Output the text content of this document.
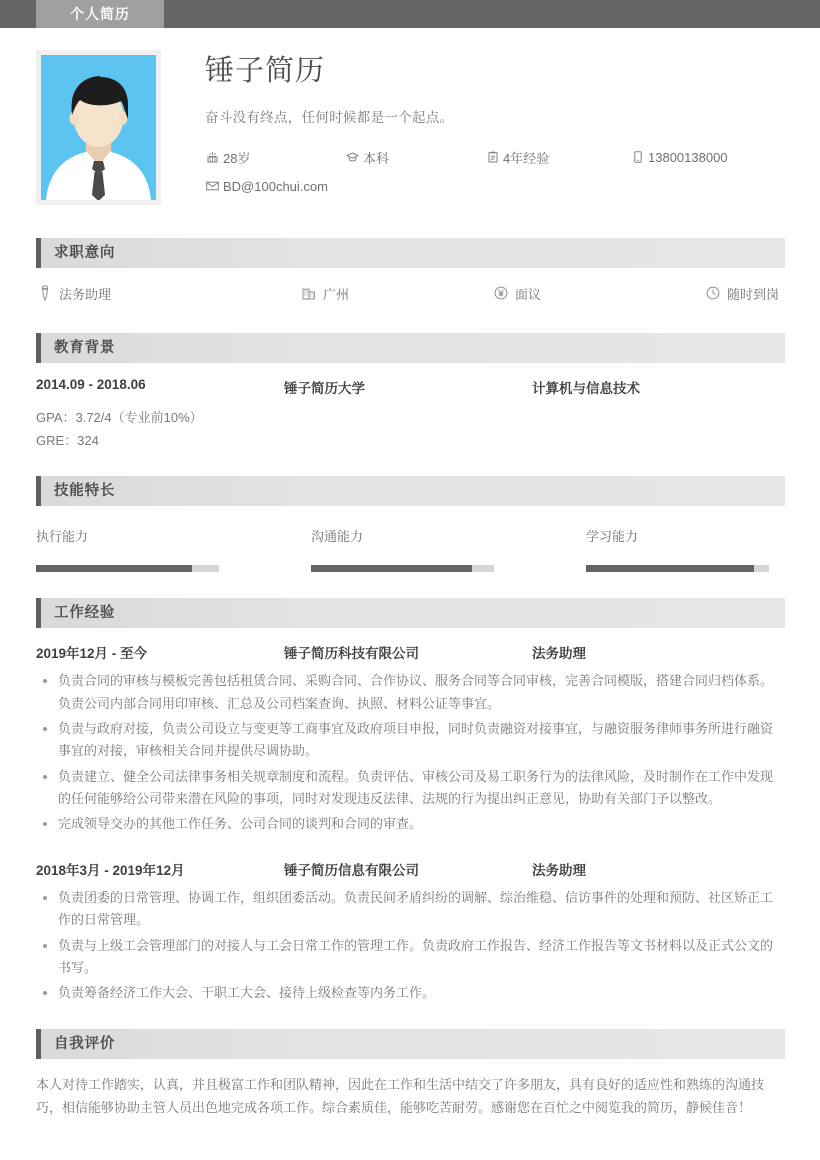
个人简历
锤子简历
奋斗没有终点，任何时候都是一个起点。
28岁	本科	4年经验	13800138000
BD@100chui.com
求职意向
法务助理	广州	面议	随时到岗
教育背景
2014.09 - 2018.06	锤子简历大学	计算机与信息技术
GPA：3.72/4（专业前10%）
GRE：324
技能特长
执行能力	沟通能力	学习能力
工作经验
2019年12月 - 至今	锤子简历科技有限公司	法务助理
负责合同的审核与模板完善包括租赁合同、采购合同、合作协议、服务合同等合同审核，完善合同模版，搭建合同归档体系。负责公司内部合同用印审核、汇总及公司档案查询、执照、材料公证等事宜。
负责与政府对接，负责公司设立与变更等工商事宜及政府项目申报，同时负责融资对接事宜，与融资服务律师事务所进行融资事宜的对接，审核相关合同并提供尽调协助。
负责建立、健全公司法律事务相关规章制度和流程。负责评估、审核公司及易工职务行为的法律风险，及时制作在工作中发现的任何能够给公司带来潜在风险的事项，同时对发现违反法律、法规的行为提出纠正意见，协助有关部门予以整改。
完成领导交办的其他工作任务、公司合同的谈判和合同的审查。
2018年3月 - 2019年12月	锤子简历信息有限公司	法务助理
负责团委的日常管理、协调工作，组织团委活动。负责民间矛盾纠纷的调解、综治维稳、信访事件的处理和预防、社区矫正工作的日常管理。
负责与上级工会管理部门的对接人与工会日常工作的管理工作。负责政府工作报告、经济工作报告等文书材料以及正式公文的书写。
负责筹备经济工作大会、干职工大会、接待上级检查等内务工作。
自我评价
本人对待工作踏实，认真，并且极富工作和团队精神，因此在工作和生活中结交了许多朋友，具有良好的适应性和熟练的沟通技巧，相信能够协助主管人员出色地完成各项工作。综合素质佳，能够吃苦耐劳。感谢您在百忙之中阅览我的简历，静候佳音！
